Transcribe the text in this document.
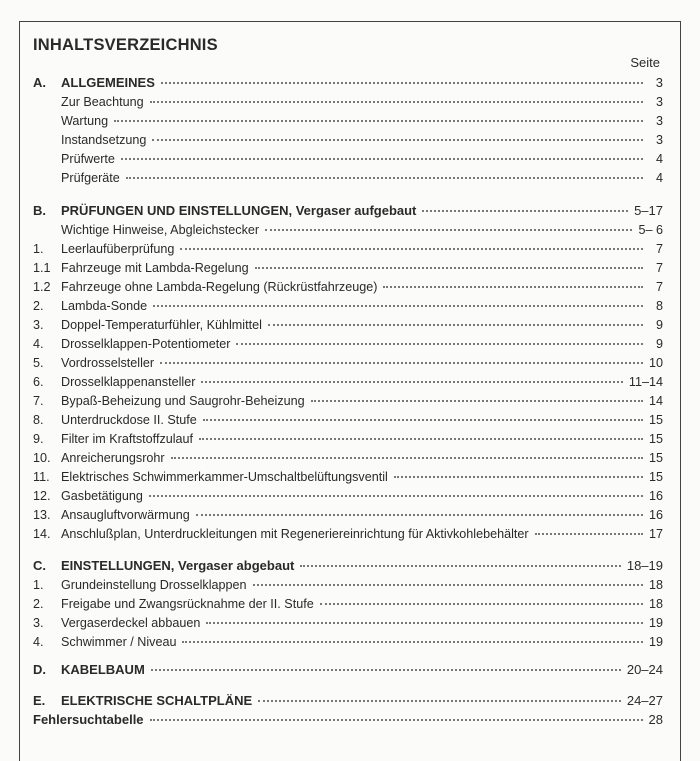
INHALTSVERZEICHNIS
Seite
A.	ALLGEMEINES	3
Zur Beachtung	3
Wartung	3
Instandsetzung	3
Prüfwerte	4
Prüfgeräte	4
B.	PRÜFUNGEN UND EINSTELLUNGEN, Vergaser aufgebaut	5–17
Wichtige Hinweise, Abgleichstecker	5– 6
1.	Leerlaufüberprüfung	7
1.1 Fahrzeuge mit Lambda-Regelung	7
1.2 Fahrzeuge ohne Lambda-Regelung (Rückrüstfahrzeuge)	7
2.	Lambda-Sonde	8
3.	Doppel-Temperaturfühler, Kühlmittel	9
4.	Drosselklappen-Potentiometer	9
5.	Vordrosselsteller	10
6.	Drosselklappenansteller	11–14
7.	Bypaß-Beheizung und Saugrohr-Beheizung	14
8.	Unterdruckdose II. Stufe	15
9.	Filter im Kraftstoffzulauf	15
10. Anreicherungsrohr	15
11. Elektrisches Schwimmerkammer-Umschaltbelüftungsventil	15
12. Gasbetätigung	16
13. Ansaugluftvorwärmung	16
14. Anschlußplan, Unterdruckleitungen mit Regeneriereinrichtung für Aktivkohlebehälter	17
C.	EINSTELLUNGEN, Vergaser abgebaut	18–19
1.	Grundeinstellung Drosselklappen	18
2.	Freigabe und Zwangsrücknahme der II. Stufe	18
3.	Vergaserdeckel abbauen	19
4.	Schwimmer / Niveau	19
D.	KABELBAUM	20–24
E.	ELEKTRISCHE SCHALTPLÄNE	24–27
Fehlersuchtabelle	28
